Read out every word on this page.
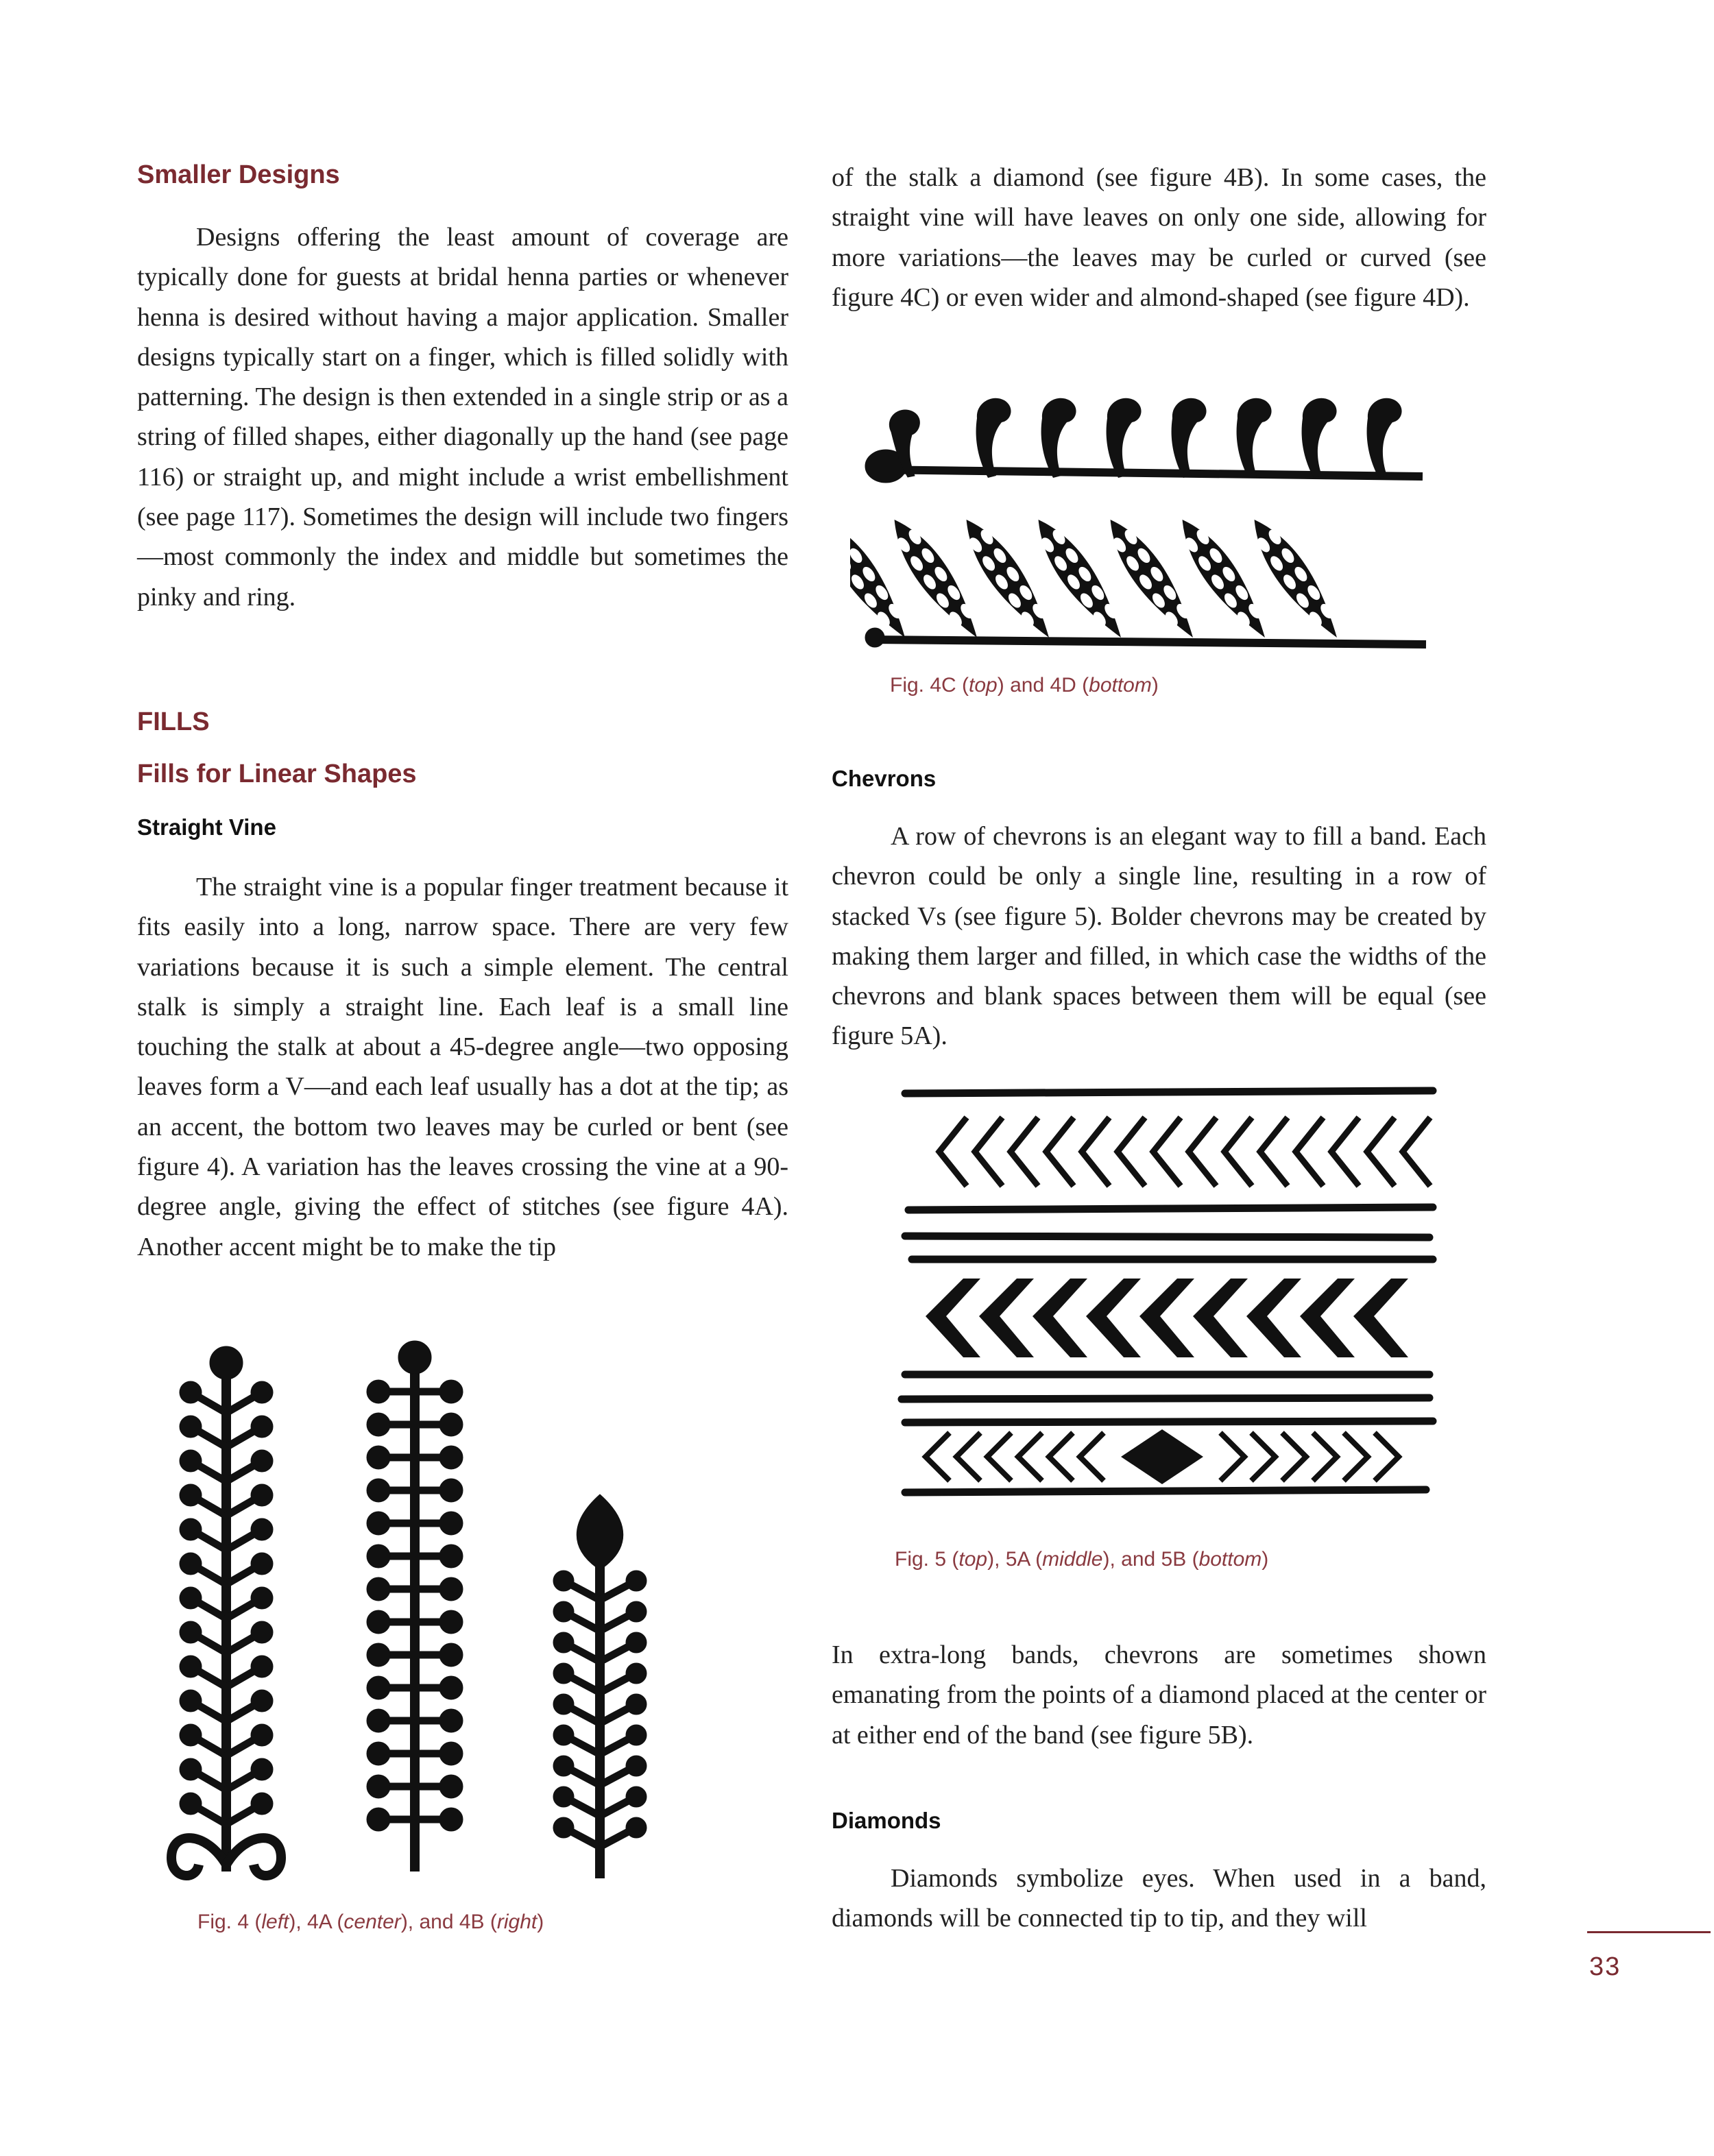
Smaller Designs

Designs offering the least amount of coverage are typically done for guests at bridal henna parties or whenever henna is desired without having a major application. Smaller designs typically start on a finger, which is filled solidly with patterning. The design is then extended in a single strip or as a string of filled shapes, either diagonally up the hand (see page 116) or straight up, and might include a wrist embellishment (see page 117). Sometimes the design will include two fingers—most commonly the index and middle but sometimes the pinky and ring.

FILLS
Fills for Linear Shapes
Straight Vine

The straight vine is a popular finger treatment because it fits easily into a long, narrow space. There are very few variations because it is such a simple element. The central stalk is simply a straight line. Each leaf is a small line touching the stalk at about a 45-degree angle—two opposing leaves form a V—and each leaf usually has a dot at the tip; as an accent, the bottom two leaves may be curled or bent (see figure 4). A variation has the leaves crossing the vine at a 90-degree angle, giving the effect of stitches (see figure 4A). Another accent might be to make the tip

Fig. 4 (left), 4A (center), and 4B (right)

of the stalk a diamond (see figure 4B). In some cases, the straight vine will have leaves on only one side, allowing for more variations—the leaves may be curled or curved (see figure 4C) or even wider and almond-shaped (see figure 4D).

Fig. 4C (top) and 4D (bottom)
Chevrons

A row of chevrons is an elegant way to fill a band. Each chevron could be only a single line, resulting in a row of stacked Vs (see figure 5). Bolder chevrons may be created by making them larger and filled, in which case the widths of the chevrons and blank spaces between them will be equal (see figure 5A).

Fig. 5 (top), 5A (middle), and 5B (bottom)

In extra-long bands, chevrons are sometimes shown emanating from the points of a diamond placed at the center or at either end of the band (see figure 5B).

Diamonds

Diamonds symbolize eyes. When used in a band, diamonds will be connected tip to tip, and they will

33
